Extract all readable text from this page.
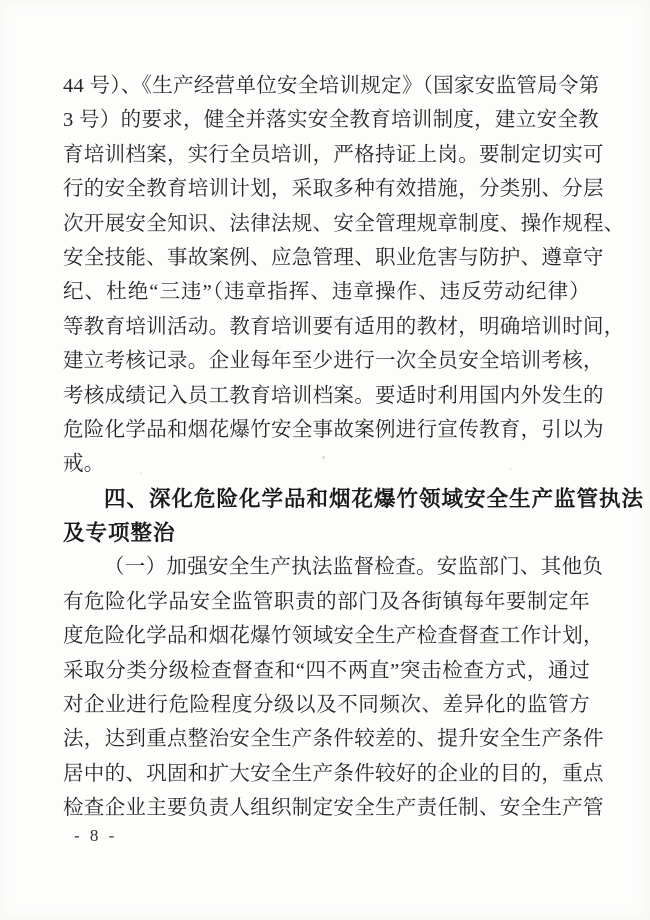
44 号）、《生产经营单位安全培训规定》（国家安监管局令第
3 号）的要求，健全并落实安全教育培训制度，建立安全教
育培训档案，实行全员培训，严格持证上岗。要制定切实可
行的安全教育培训计划，采取多种有效措施，分类别、分层
次开展安全知识、法律法规、安全管理规章制度、操作规程、
安全技能、事故案例、应急管理、职业危害与防护、遵章守
纪、杜绝“三违”（违章指挥、违章操作、违反劳动纪律）
等教育培训活动。教育培训要有适用的教材，明确培训时间，
建立考核记录。企业每年至少进行一次全员安全培训考核，
考核成绩记入员工教育培训档案。要适时利用国内外发生的
危险化学品和烟花爆竹安全事故案例进行宣传教育，引以为
戒。
四、深化危险化学品和烟花爆竹领域安全生产监管执法
及专项整治
（一）加强安全生产执法监督检查。安监部门、其他负
有危险化学品安全监管职责的部门及各街镇每年要制定年
度危险化学品和烟花爆竹领域安全生产检查督查工作计划，
采取分类分级检查督查和“四不两直”突击检查方式，通过
对企业进行危险程度分级以及不同频次、差异化的监管方
法，达到重点整治安全生产条件较差的、提升安全生产条件
居中的、巩固和扩大安全生产条件较好的企业的目的，重点
检查企业主要负责人组织制定安全生产责任制、安全生产管
- 8 -
